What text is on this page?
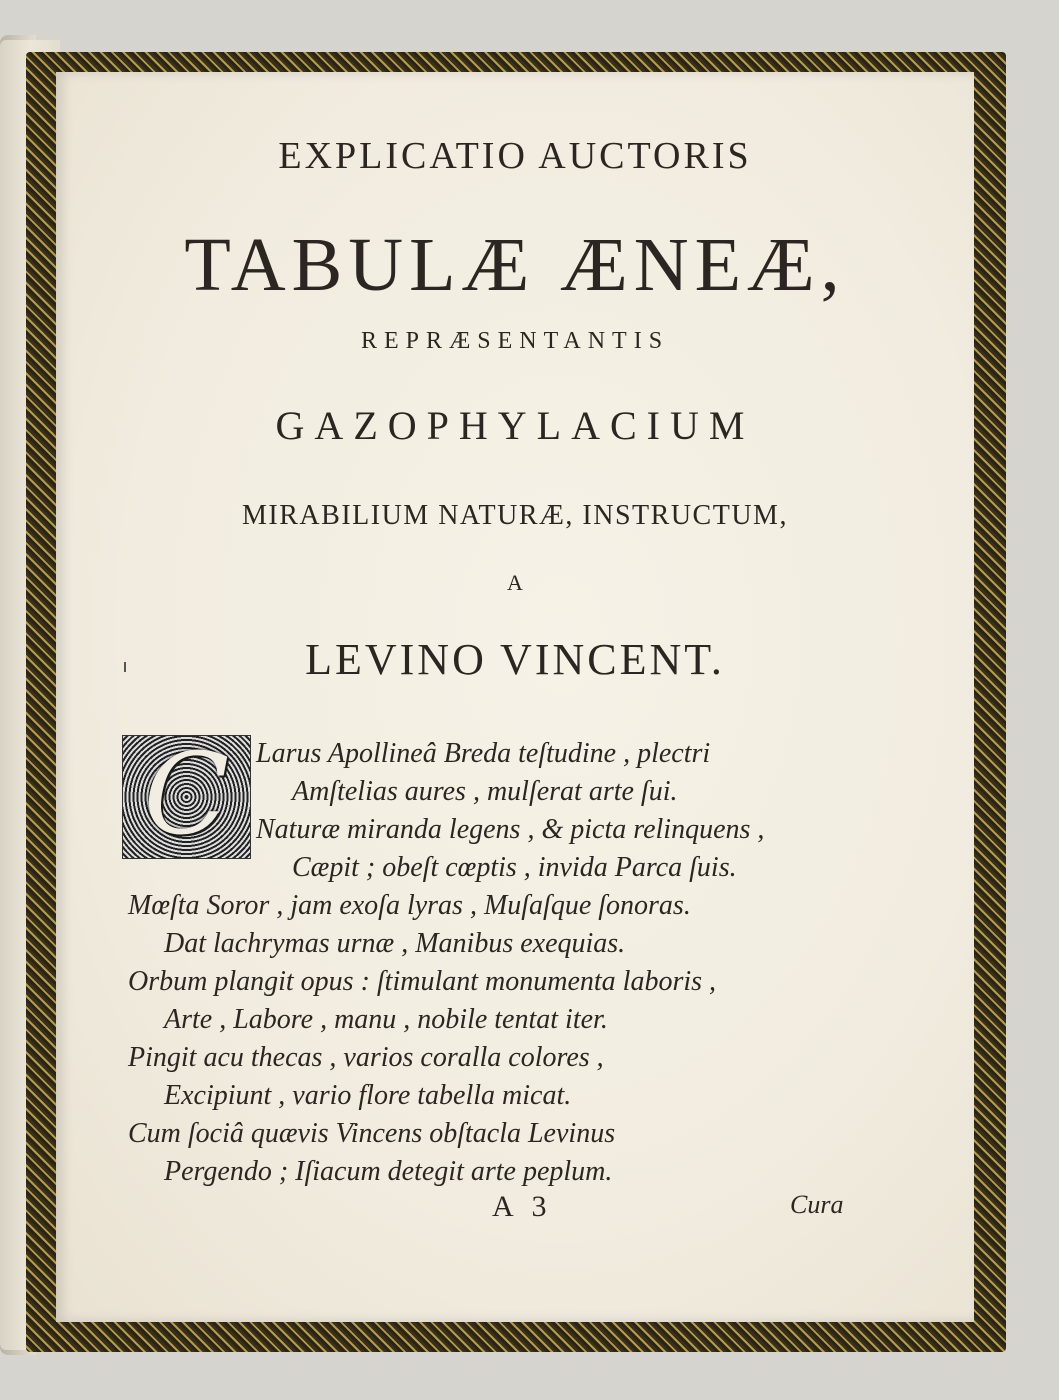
EXPLICATIO AUCTORIS
TABULÆ ÆNEÆ,
REPRÆSENTANTIS
GAZOPHYLACIUM
MIRABILIUM NATURÆ, INSTRUCTUM,
A
LEVINO VINCENT.
C Larus Apollineâ Breda teſtudine , plectri
Amſtelias aures , mulſerat arte ſui.
Naturæ miranda legens , & picta relinquens ,
Cæpit ; obeſt cœptis , invida Parca ſuis.
Mœſta Soror , jam exoſa lyras , Muſaſque ſonoras.
Dat lachrymas urnæ , Manibus exequias.
Orbum plangit opus : ſtimulant monumenta laboris ,
Arte , Labore , manu , nobile tentat iter.
Pingit acu thecas , varios coralla colores ,
Excipiunt , vario flore tabella micat.
Cum ſociâ quævis Vincens obſtacla Levinus
Pergendo ; Iſiacum detegit arte peplum.
A 3	Cura
